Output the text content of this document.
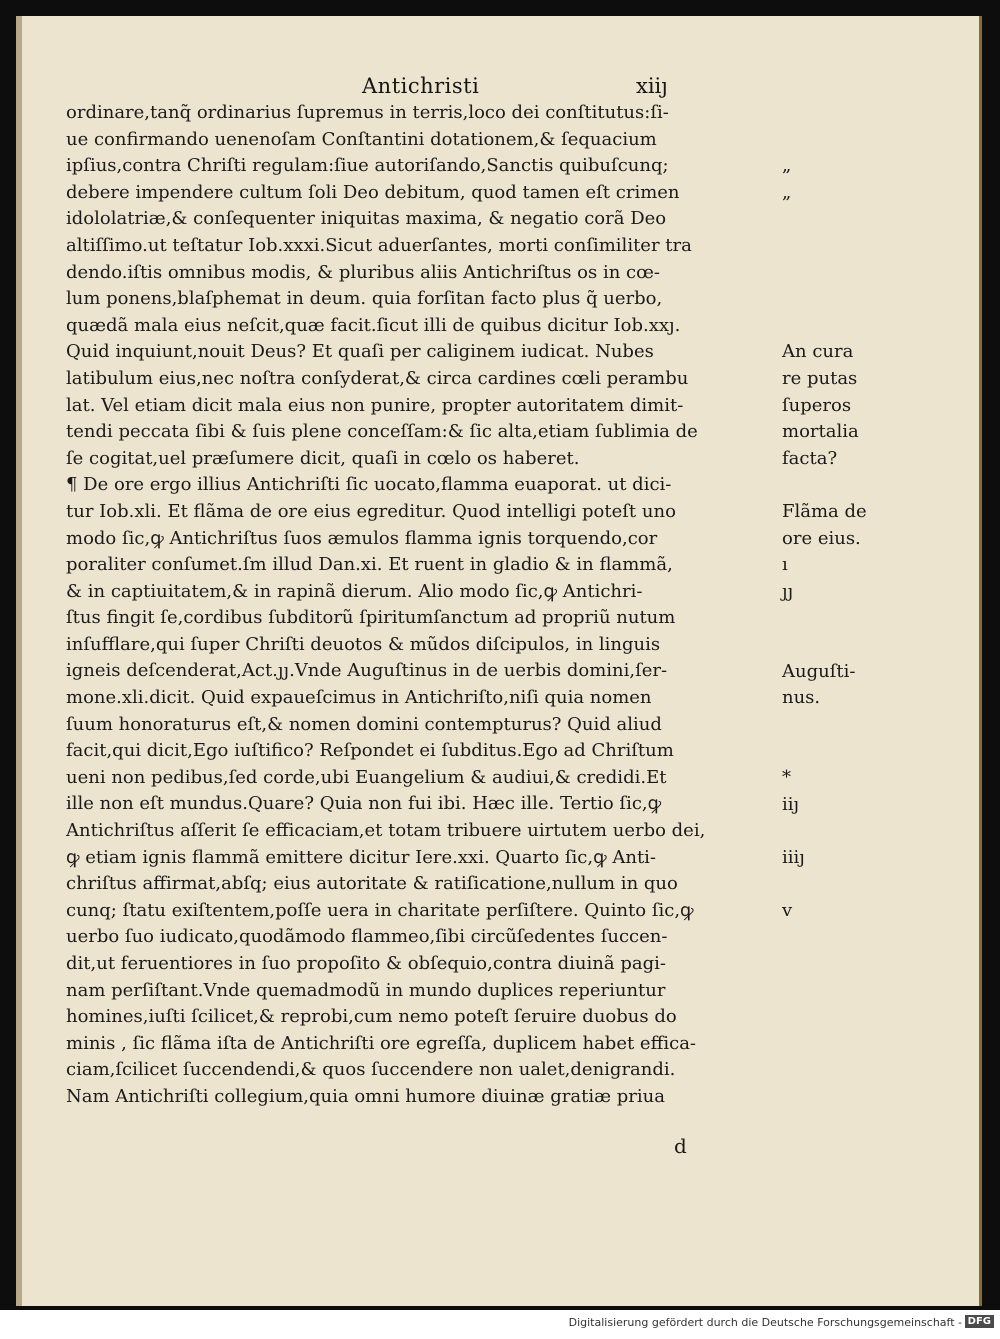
Antichristi	xiiȷ
ordinare,tanq̃ ordinarius ſupremus in terris,loco dei conſtitutus:ſi-
ue confirmando uenenoſam Conſtantini dotationem,& ſequacium
ipſius,contra Chriſti regulam:ſiue autoriſando,Sanctis quibuſcunq;
debere impendere cultum ſoli Deo debitum, quod tamen eſt crimen
idololatriæ,& conſequenter iniquitas maxima, & negatio corã Deo
altiſſimo.ut teſtatur Iob.xxxi.Sicut aduerſantes, morti conſimiliter tra
dendo.iſtis omnibus modis, & pluribus aliis Antichriſtus os in cœ-
lum ponens,blaſphemat in deum. quia forſitan facto plus q̃ uerbo,
quædã mala eius neſcit,quæ facit.ſicut illi de quibus dicitur Iob.xxȷ.
Quid inquiunt,nouit Deus? Et quaſi per caliginem iudicat. Nubes
latibulum eius,nec noſtra conſyderat,& circa cardines cœli perambu
lat. Vel etiam dicit mala eius non punire, propter autoritatem dimit-
tendi peccata ſibi & ſuis plene conceſſam:& ſic alta,etiam ſublimia de
ſe cogitat,uel præſumere dicit, quaſi in cœlo os haberet.
¶ De ore ergo illius Antichriſti ſic uocato,flamma euaporat. ut dici-
tur Iob.xli. Et flãma de ore eius egreditur. Quod intelligi poteſt uno
modo ſic,ꝙ Antichriſtus ſuos æmulos flamma ignis torquendo,cor
poraliter conſumet.ſm illud Dan.xi. Et ruent in gladio & in flammã,
& in captiuitatem,& in rapinã dierum. Alio modo ſic,ꝙ Antichri-
ſtus fingit ſe,cordibus ſubditorũ ſpiritumſanctum ad propriũ nutum
inſufflare,qui ſuper Chriſti deuotos & mũdos diſcipulos, in linguis
igneis deſcenderat,Act.ȷȷ.Vnde Auguſtinus in de uerbis domini,ſer-
mone.xli.dicit. Quid expaueſcimus in Antichriſto,niſi quia nomen
ſuum honoraturus eſt,& nomen domini contempturus? Quid aliud
facit,qui dicit,Ego iuſtifico? Reſpondet ei ſubditus.Ego ad Chriſtum
ueni non pedibus,ſed corde,ubi Euangelium & audiui,& credidi.Et
ille non eſt mundus.Quare? Quia non fui ibi. Hæc ille. Tertio ſic,ꝙ
Antichriſtus aſſerit ſe efficaciam,et totam tribuere uirtutem uerbo dei,
ꝙ etiam ignis flammã emittere dicitur Iere.xxi. Quarto ſic,ꝙ Anti-
chriſtus affirmat,abſq; eius autoritate & ratiſicatione,nullum in quo
cunq; ſtatu exiſtentem,poſſe uera in charitate perſiſtere. Quinto ſic,ꝙ
uerbo ſuo iudicato,quodãmodo flammeo,ſibi circũſedentes ſuccen-
dit,ut feruentiores in ſuo propoſito & obſequio,contra diuinã pagi-
nam perſiſtant.Vnde quemadmodũ in mundo duplices reperiuntur
homines,iuſti ſcilicet,& reprobi,cum nemo poteſt ſeruire duobus do
minis , ſic flãma iſta de Antichriſti ore egreſſa, duplicem habet effica-
ciam,ſcilicet ſuccendendi,& quos ſuccendere non ualet,denigrandi.
Nam Antichriſti collegium,quia omni humore diuinæ gratiæ priua
„
„
An cura
re putas
ſuperos
mortalia
facta?
Flãma de
ore eius.
ı
ȷȷ
Auguſti-
nus.
*
iiȷ
iiiȷ
v
d
Digitalisierung gefördert durch die Deutsche Forschungsgemeinschaft - DFG
